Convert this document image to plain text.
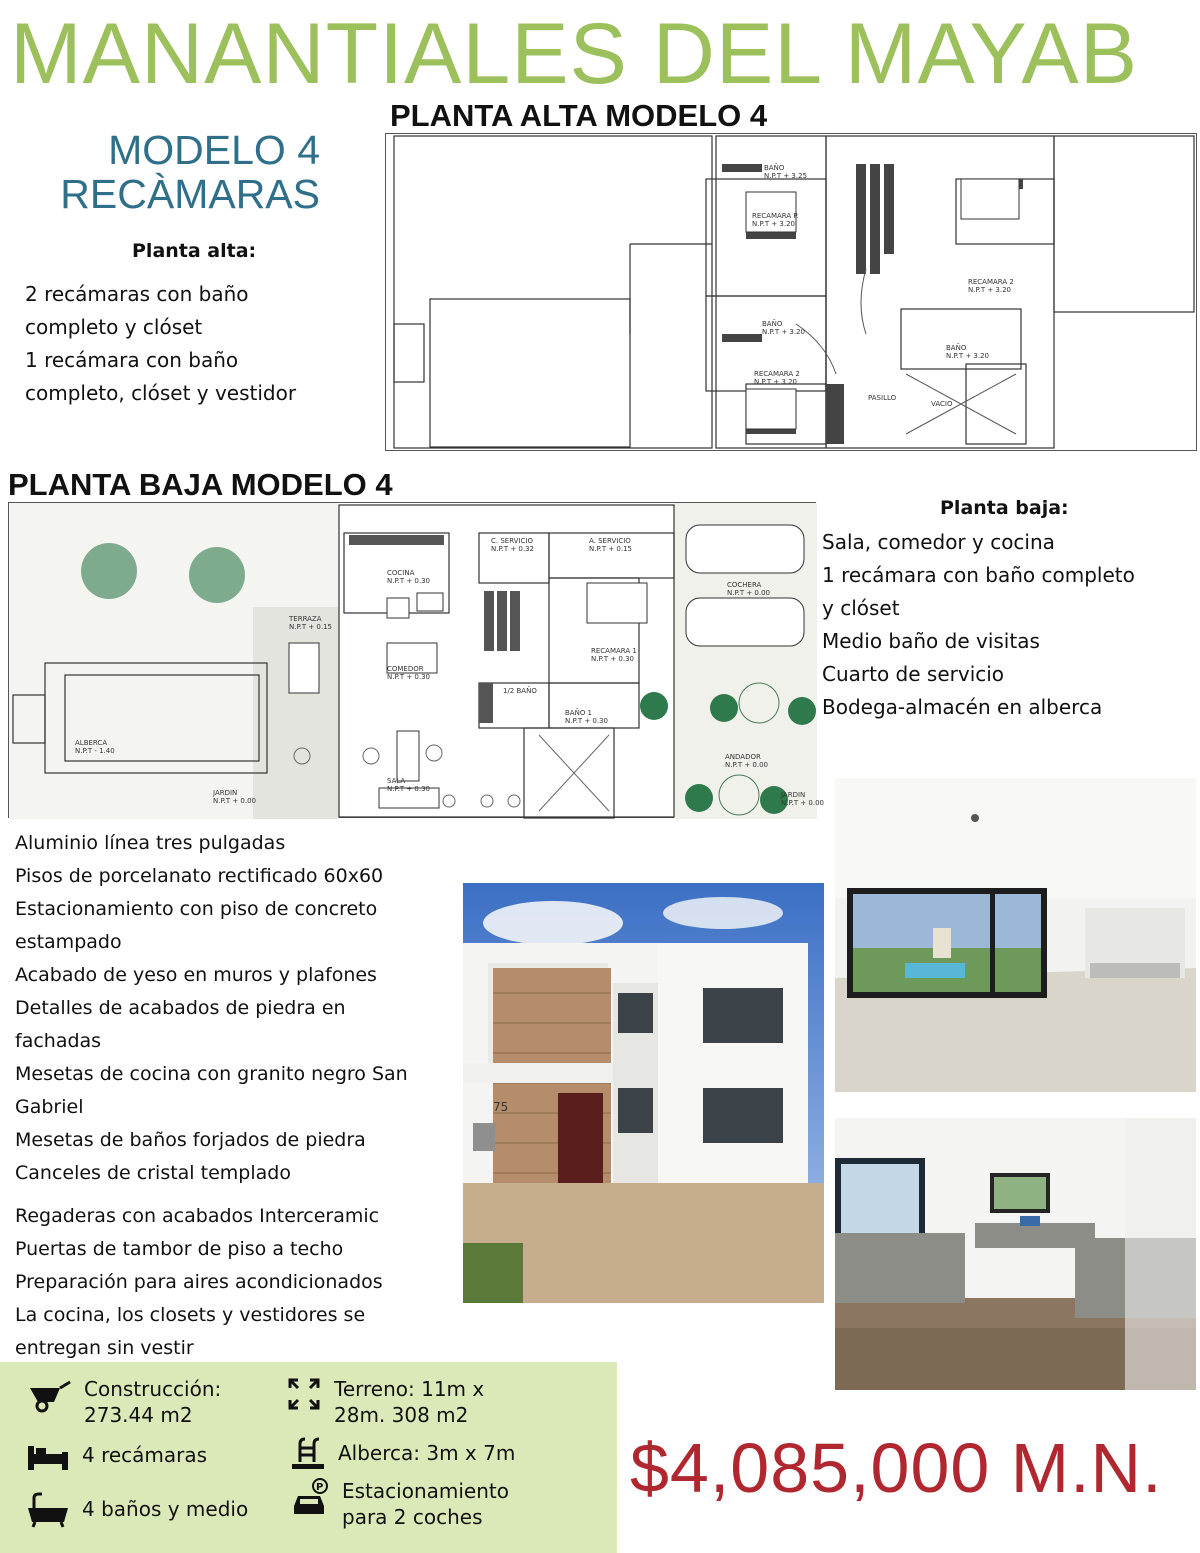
MANANTIALES DEL MAYAB
MODELO 4
RECÀMARAS
PLANTA ALTA MODELO 4
Planta alta:
2 recámaras con baño
completo y clóset
1 recámara con baño
completo, clóset y vestidor
BAÑO
N.P.T + 3.25
RECAMARA P.
N.P.T + 3.20
RECAMARA 2
N.P.T + 3.20
BAÑO
N.P.T + 3.20
BAÑO
N.P.T + 3.20
RECAMARA 2
N.P.T + 3.20
PASILLO
VACIO
PLANTA BAJA MODELO 4
C. SERVICIO
N.P.T + 0.32
A. SERVICIO
N.P.T + 0.15
COCINA
N.P.T + 0.30
TERRAZA
N.P.T + 0.15
COCHERA
N.P.T + 0.00
COMEDOR
N.P.T + 0.30
RECAMARA 1
N.P.T + 0.30
1/2 BAÑO
BAÑO 1
N.P.T + 0.30
ALBERCA
N.P.T - 1.40
ANDADOR
N.P.T + 0.00
JARDIN
N.P.T + 0.00
SALA
N.P.T + 0.30
JARDIN
N.P.T + 0.00
Planta baja:
Sala, comedor y cocina
1 recámara con baño completo
y clóset
Medio baño de visitas
Cuarto de servicio
Bodega-almacén en alberca
Aluminio línea tres pulgadas
Pisos de porcelanato rectificado 60x60
Estacionamiento con piso de concreto
estampado
Acabado de yeso en muros y plafones
Detalles de acabados de piedra en
fachadas
Mesetas de cocina con granito negro San
Gabriel
Mesetas de baños forjados de piedra
Canceles de cristal templado
Regaderas con acabados Interceramic
Puertas de tambor de piso a techo
Preparación para aires acondicionados
La cocina, los closets y vestidores se
entregan sin vestir
75
Construcción:
273.44 m2
Terreno: 11m x
28m. 308 m2
4 recámaras	Alberca: 3m x 7m
4 baños y medio
P Estacionamiento
para 2 coches
$4,085,000 M.N.
